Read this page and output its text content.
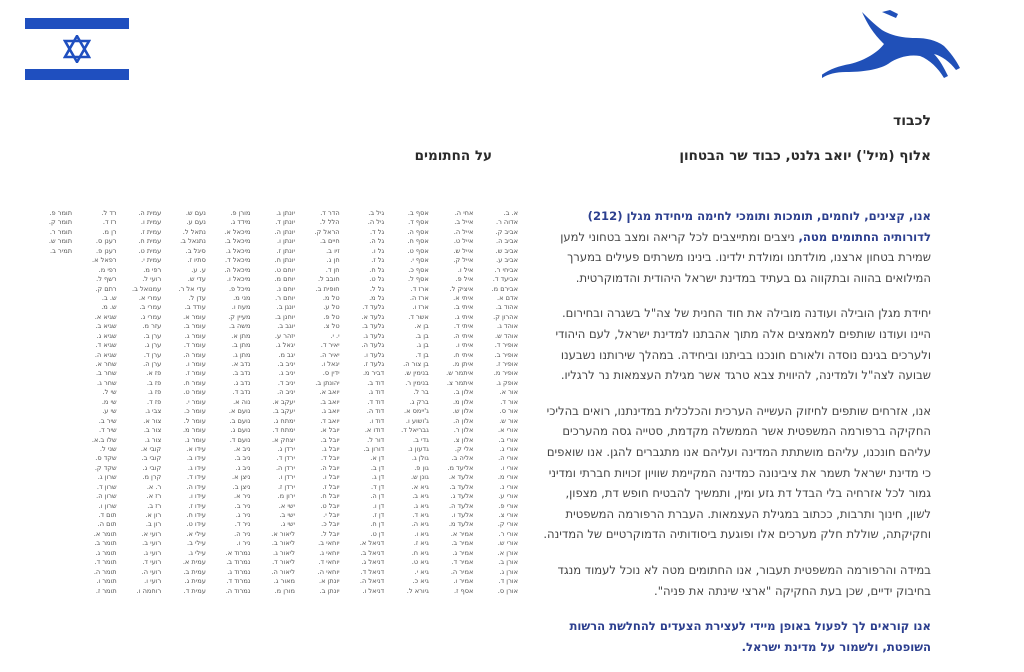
לכבוד
אלוף (מיל') יואב גלנט, כבוד שר הבטחון
על החתומים

אנו, קצינים, לוחמים, תומכות ותומכי לחימה מיחידת מגלן (212) לדורותיה החתומים מטה, ניצבים ומתייצבים לכל קריאה ומצב בטחוני למען שמירת בטחון ארצנו, מולדתנו ומולדת ילדינו. בינינו משרתים פעילים במערך המילואים בהווה ובתקווה גם בעתיד במדינת ישראל היהודית והדמוקרטית.

יחידת מגלן הובילה ועודנה מובילה את חוד החנית של צה"ל בשגרה ובחירום. היינו ועודנו שותפים למאמצים אלה מתוך אהבתנו למדינת ישראל, לעם היהודי ולערכים בגינם נוסדה ולאורם חונכנו בביתנו וביחידה. במהלך שירותנו נשבענו שבועה לצה"ל ולמדינה, להיווית צבא טרגד אשר מגילת העצמאות נר לרגליו.

אנו, אזרחים שותפים לחיזוק העשייה הערכית והכלכלית במדינתנו, רואים בהליכי החקיקה ברפורמה המשפטית אשר הממשלה מקדמת, סטייה גסה מהערכים עליהם חונכנו, עליהם מושתתת המדינה ועליהם אנו מתגברים להגן. אנו שואפים כי מדינת ישראל תשמר את ציבינונה כמדינה המקיימת שוויון זכויות חברתי ומדיני גמור לכל אזרחיה בלי הבדל דת גזע ומין, ותמשיך להבטיח חופש דת, מצפון, לשון, חינוך ותרבות, ככתוב במגילת העצמאות. העברת הרפורמה המשפטית וחקיקתה, שוללת חלק מערכים אלו ופוגעת ביסודותיה הדמוקרטיים של המדינה.

במידה והרפורמה המשפטית תעבור, אנו החתומים מטה לא נוכל לעמוד מנגד בחיבוק ידיים, שכן בעת החקיקה "ארצי שינתה את פניה".

אנו קוראים לך לפעול באופן מיידי לעצירת הצעדים להחלשת הרשות השופטת, ולשמור על מדינת ישראל.

א. ב.
אדוה ר.
אביב ק.
אביב ה.
אביב ש.
אביב ע.
אביחי ר.
אביעד ד.
אבירם מ.
אדם א.
אהוד ב.
אהרון ק.
אוהד ג.
אוהד ש.
אופיר ד.
אופיר ב.
אופיר ז.
אופיר מ.
אופק ג.
אור א.
אור ד.
אור ס.
אור ש.
אורי א.
אורי ב.
אורי ג.
אורי ה.
אורי ו.
אורי מ.
אורי נ.
אורי ע.
אורי פ.
אורי צ.
אורי ק.
אורי ר.
אורי ש.
אורן א.
אורן ב.
אורן ג.
אורן ד.
אורן ס.
אחי ה.
אייל ב.
אייל ה.
אייל ט.
אייל ש.
אייל ק.
איל ו.
איל פ.
איציק ל.
איתי א.
איתי ב.
איתי ג.
איתי ד.
איתי ה.
איתי ו.
איתי ח.
איתן מ.
איתמר ש.
איתמר צ.
אלון ב.
אלון מ.
אלון ש.
אלון ה.
אלון ר.
אלון צ.
אלי ק.
אליה ב.
אליעד מ.
אלעד א.
אלעד ב.
אלעד ג.
אלעד ה.
אלעד ו.
אלעד מ.
אמיר א.
אמיר ב.
אמיר ג.
אמיר ד.
אמיר ה.
אמיר ו.
אסף ז.
אסף ב.
אסף ד.
אסף ה.
אסף ח.
אסף ט.
אסף י.
אסף כ.
אסף ל.
ארז ד.
ארז ה.
ארז ו.
אשר ד.
בן א.
בן ב.
בן ג.
בן ד.
בן צור ה.
בנימין ש.
בנימין ר.
בר ל.
ברק ג.
ג'יימס א.
ג'ושוע ו.
גבריאל ד.
גדי ב.
גדעון נ.
גולן ג.
גון פ.
גונן ש.
גיא א.
גיא ב.
גיא ג.
גיא ד.
גיא ה.
גיא ו.
גיא ז.
גיא ח.
גיא ט.
גיא י.
גיא כ.
גיורא ל.
גיל ב.
גיל ה.
גל ד.
גל ה.
גל ו.
גל ז.
גל ח.
גל ט.
גל ל.
גל מ.
גלעד ד.
גלעד א.
גלעד ב.
גלעד ג.
גלעד ה.
גלעד ו.
גלעד ז.
דביר מ.
דוד ב.
דוד ג.
דוד ד.
דוד ה.
דוד ו.
דודו א.
דור ל.
דורון ב.
דן א.
דן ב.
דן ג.
דן ד.
דן ה.
דן ו.
דן ז.
דן ח.
דן ט.
דניאל א.
דניאל ב.
דניאל ג.
דניאל ד.
דניאל ה.
דניאל ו.
הדר ד.
הלל ל.
הראל ק.
חיים ב.
זיו ב.
חן ג.
חן ד.
חובב ל.
חופית ב.
טל מ.
טל ע.
טל פ.
טל צ.
י. י.
יאיר ד.
יאיר ה.
יגאל ו.
ידין ס.
יהונתן ב.
יואב א.
יואב ב.
יואב ג.
יואב ד.
יובל א.
יובל ב.
יובל ג.
יובל ד.
יובל ה.
יובל ו.
יובל ז.
יובל ח.
יובל ט.
יובל י.
יובל כ.
יובל ל.
יוחאי ב.
יוחאי ג.
יוחאי ד.
יוחאי ה.
יונתן א.
יונתן ב.
יונתן ג.
יונתן ד.
יונתן ה.
יונתן ו.
יונתן ז.
יונתן ח.
יוחם ט.
יוחם מ.
יוחם נ.
יוחם ר.
יונגן ב.
יוחנן ב.
יוגב ב.
יזהר ע.
יגאל ג.
יגב מ.
יניב ב.
יניב ג.
יניב ד.
יניב ה.
יעקב א.
יעקב ב.
ימתח ג.
ימתח ד.
יצחק א.
ירדן ג.
ירדן ד.
ירדן ה.
ירדן ו.
ירדן ז.
ירון מ.
ישי א.
ישי ב.
ישי ג.
ליאור א.
ליאור ב.
ליאור ג.
ליאור ד.
ליאור ה.
מאור ג.
מורן מ.
מורן פ.
מידד ג.
מיכאל א.
מיכאל ב.
מיכאל ג.
מיכאל ד.
מיכאל ה.
מיכאל ו.
מיכל פ.
מני מ.
מעוז ו.
מעיין ק.
משה ב.
מתן א.
מתן ב.
מתן ג.
נדב א.
נדב ב.
נדב ג.
נדב ד.
נוה א.
נועם א.
נועם ב.
נועם ג.
נועם ד.
ניב א.
ניב ב.
ניב ג.
ניצן א.
ניצן ב.
ניר א.
ניר ב.
ניר ג.
ניר ד.
ניר ה.
ניר ו.
נמרוד א.
נמרוד ב.
נמרוד ג.
נמרוד ד.
נמרוד ה.
נעם ש.
נעם ע.
נתאל ל.
נתנאל ב.
סיגל ב.
סתיו ז.
ע. ע.
עדי ש.
עדי אל ר.
עדן ל.
עודד ב.
עומר א.
עומר ב.
עומר ג.
עומר ד.
עומר ה.
עומר ו.
עומר ז.
עומר ח.
עומר ט.
עומר י.
עומר כ.
עומר ל.
עומר מ.
עומר נ.
עידו א.
עידו ב.
עידו ג.
עידו ד.
עידו ה.
עידו ו.
עידו ז.
עידו ח.
עידו ט.
עילי א.
עילי ב.
עילי ג.
עמית א.
עמית ב.
עמית ג.
עמית ד.
עמית ה.
עמית ו.
עמית ז.
עמית ח.
עמית ט.
עמית י.
רפי מ.
רועי ל.
עמנואל ב.
עמרי א.
עמרי ב.
עמרי ג.
עזר מ.
ערן ב.
ערן ג.
ערן ד.
ערן ה.
פז א.
פז ב.
פז ג.
פז ד.
צבי ג.
צור א.
צור ב.
צור ג.
קובי א.
קובי ב.
קובי ג.
קרן מ.
ר. א.
רז א.
רז ב.
רון א.
רון ב.
רועי א.
רועי ב.
רועי ג.
רועי ד.
רועי ה.
רועי ו.
רוחמה ו.
רד ל.
רז ד.
רן מ.
רענן ס.
רענן פ.
רפאל א.
רפי מ.
רשף ל.
רתם ק.
ש. ב.
ש. מ.
שגיא א.
שגיא ב.
שגיא ג.
שגיא ד.
שגיא ה.
שחר א.
שחר ב.
שחר ג.
שי ל.
שי מ.
שי ע.
שיר ב.
שיר ד.
שלו ב.א.
שני ל.
שקד ס.
שקד ק.
שרון ג.
שרון ד.
שרון ה.
שרון ו.
תום ד.
תום ה.
תומר א.
תומר ב.
תומר ג.
תומר ד.
תומר ה.
תומר ו.
תומר ז.
תומר פ.
תומר ק.
תומר ר.
תומר ש.
תמיר ב.
